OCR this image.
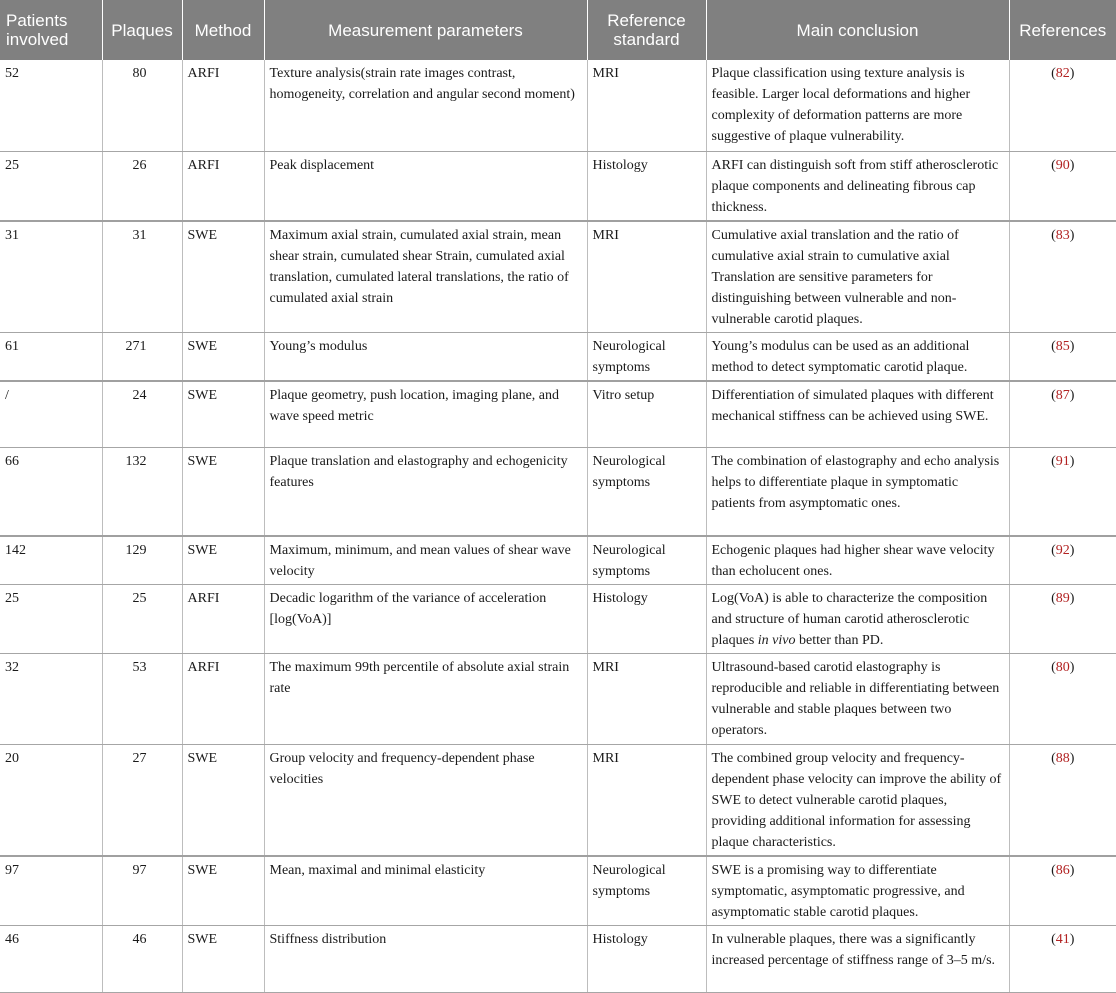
Patients involved	Plaques	Method	Measurement parameters	Reference standard	Main conclusion	References
52	80	ARFI	Texture analysis(strain rate images contrast, homogeneity, correlation and angular second moment)	MRI	Plaque classification using texture analysis is feasible. Larger local deformations and higher complexity of deformation patterns are more suggestive of plaque vulnerability.	(82)
25	26	ARFI	Peak displacement	Histology	ARFI can distinguish soft from stiff atherosclerotic plaque components and delineating fibrous cap thickness.	(90)
31	31	SWE	Maximum axial strain, cumulated axial strain, mean shear strain, cumulated shear Strain, cumulated axial translation, cumulated lateral translations, the ratio of cumulated axial strain	MRI	Cumulative axial translation and the ratio of cumulative axial strain to cumulative axial Translation are sensitive parameters for distinguishing between vulnerable and non-vulnerable carotid plaques.	(83)
61	271	SWE	Young’s modulus	Neurological symptoms	Young’s modulus can be used as an additional method to detect symptomatic carotid plaque.	(85)
/	24	SWE	Plaque geometry, push location, imaging plane, and wave speed metric	Vitro setup	Differentiation of simulated plaques with different mechanical stiffness can be achieved using SWE.	(87)
66	132	SWE	Plaque translation and elastography and echogenicity features	Neurological symptoms	The combination of elastography and echo analysis helps to differentiate plaque in symptomatic patients from asymptomatic ones.	(91)
142	129	SWE	Maximum, minimum, and mean values of shear wave velocity	Neurological symptoms	Echogenic plaques had higher shear wave velocity than echolucent ones.	(92)
25	25	ARFI	Decadic logarithm of the variance of acceleration [log(VoA)]	Histology	Log(VoA) is able to characterize the composition and structure of human carotid atherosclerotic plaques in vivo better than PD.	(89)
32	53	ARFI	The maximum 99th percentile of absolute axial strain rate	MRI	Ultrasound-based carotid elastography is reproducible and reliable in differentiating between vulnerable and stable plaques between two operators.	(80)
20	27	SWE	Group velocity and frequency-dependent phase velocities	MRI	The combined group velocity and frequency-dependent phase velocity can improve the ability of SWE to detect vulnerable carotid plaques, providing additional information for assessing plaque characteristics.	(88)
97	97	SWE	Mean, maximal and minimal elasticity	Neurological symptoms	SWE is a promising way to differentiate symptomatic, asymptomatic progressive, and asymptomatic stable carotid plaques.	(86)
46	46	SWE	Stiffness distribution	Histology	In vulnerable plaques, there was a significantly increased percentage of stiffness range of 3–5 m/s.	(41)
